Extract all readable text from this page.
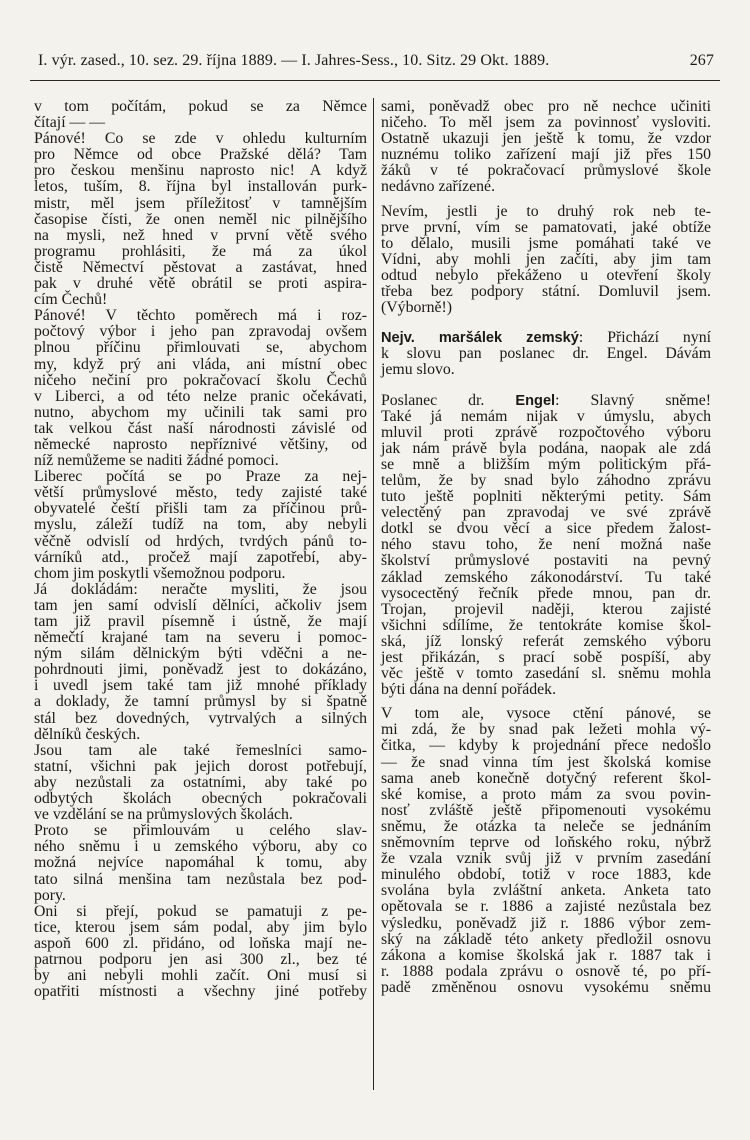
I. výr. zased., 10. sez. 29. října 1889. — I. Jahres-Sess., 10. Sitz. 29 Okt. 1889.	267
v tom počítám, pokud se za Němce
čítají — —
Pánové! Co se zde v ohledu kulturním
pro Němce od obce Pražské dělá? Tam
pro českou menšinu naprosto nic! A když
letos, tuším, 8. října byl installován purk-
mistr, měl jsem příležitosť v tamnějším
časopise čísti, že onen neměl nic pilnějšího
na mysli, než hned v první větě svého
programu prohlásiti, že má za úkol
čistě Němectví pěstovat a zastávat, hned
pak v druhé větě obrátil se proti aspira-
cím Čechů!
Pánové! V těchto poměrech má i roz-
počtový výbor i jeho pan zpravodaj ovšem
plnou příčinu přimlouvati se, abychom
my, když prý ani vláda, ani místní obec
ničeho nečiní pro pokračovací školu Čechů
v Liberci, a od této nelze pranic očekávati,
nutno, abychom my učinili tak sami pro
tak velkou část naší národnosti závislé od
německé naprosto nepříznivé většiny, od
níž nemůžeme se naditi žádné pomoci.
Liberec počítá se po Praze za nej-
větší průmyslové město, tedy zajisté také
obyvatelé čeští přišli tam za příčinou prů-
myslu, záleží tudíž na tom, aby nebyli
věčně odvislí od hrdých, tvrdých pánů to-
várníků atd., pročež mají zapotřebí, aby-
chom jim poskytli všemožnou podporu.
Já dokládám: neračte mysliti, že jsou
tam jen samí odvislí dělníci, ačkoliv jsem
tam již pravil písemně i ústně, že mají
němečtí krajané tam na severu i pomoc-
ným silám dělnickým býti vděčni a ne-
pohrdnouti jimi, poněvadž jest to dokázáno,
i uvedl jsem také tam již mnohé příklady
a doklady, že tamní průmysl by si špatně
stál bez dovedných, vytrvalých a silných
dělníků českých.
Jsou tam ale také řemeslníci samo-
statní, všichni pak jejich dorost potřebují,
aby nezůstali za ostatními, aby také po
odbytých školách obecných pokračovali
ve vzdělání se na průmyslových školách.
Proto se přimlouvám u celého slav-
ného sněmu i u zemského výboru, aby co
možná nejvíce napomáhal k tomu, aby
tato silná menšina tam nezůstala bez pod-
pory.
Oni si přejí, pokud se pamatuji z pe-
tice, kterou jsem sám podal, aby jim bylo
aspoň 600 zl. přidáno, od loňska mají ne-
patrnou podporu jen asi 300 zl., bez té
by ani nebyli mohli začít. Oni musí si
opatřiti místnosti a všechny jiné potřeby
sami, poněvadž obec pro ně nechce učiniti
ničeho. To měl jsem za povinnosť vysloviti.
Ostatně ukazuji jen ještě k tomu, že vzdor
nuznému toliko zařízení mají již přes 150
žáků v té pokračovací průmyslové škole
nedávno zařízené.
Nevím, jestli je to druhý rok neb te-
prve první, vím se pamatovati, jaké obtíže
to dělalo, musili jsme pomáhati také ve
Vídni, aby mohli jen začíti, aby jim tam
odtud nebylo překáženo u otevření školy
třeba bez podpory státní. Domluvil jsem.
(Výborně!)
Nejv. maršálek zemský: Přichází nyní
k slovu pan poslanec dr. Engel. Dávám
jemu slovo.
Poslanec dr. Engel: Slavný sněme!
Také já nemám nijak v úmyslu, abych
mluvil proti zprávě rozpočtového výboru
jak nám právě byla podána, naopak ale zdá
se mně a bližším mým politickým přá-
telům, že by snad bylo záhodno zprávu
tuto ještě poplniti některými petity. Sám
velectěný pan zpravodaj ve své zprávě
dotkl se dvou věcí a sice předem žalost-
ného stavu toho, že není možná naše
školství průmyslové postaviti na pevný
základ zemského zákonodárství. Tu také
vysocectěný řečník přede mnou, pan dr.
Trojan, projevil naději, kterou zajisté
všichni sdílíme, že tentokráte komise škol-
ská, jíž lonský referát zemského výboru
jest přikázán, s prací sobě pospíší, aby
věc ještě v tomto zasedání sl. sněmu mohla
býti dána na denní pořádek.
V tom ale, vysoce ctění pánové, se
mi zdá, že by snad pak ležeti mohla vý-
čitka, — kdyby k projednání přece nedošlo
— že snad vinna tím jest školská komise
sama aneb konečně dotyčný referent škol-
ské komise, a proto mám za svou povin-
nosť zvláště ještě připomenouti vysokému
sněmu, že otázka ta neleče se jednáním
sněmovním teprve od loňského roku, nýbrž
že vzala vznik svůj již v prvním zasedání
minulého období, totiž v roce 1883, kde
svolána byla zvláštní anketa. Anketa tato
opětovala se r. 1886 a zajisté nezůstala bez
výsledku, poněvadž již r. 1886 výbor zem-
ský na základě této ankety předložil osnovu
zákona a komise školská jak r. 1887 tak i
r. 1888 podala zprávu o osnově té, po pří-
padě změněnou osnovu vysokému sněmu
